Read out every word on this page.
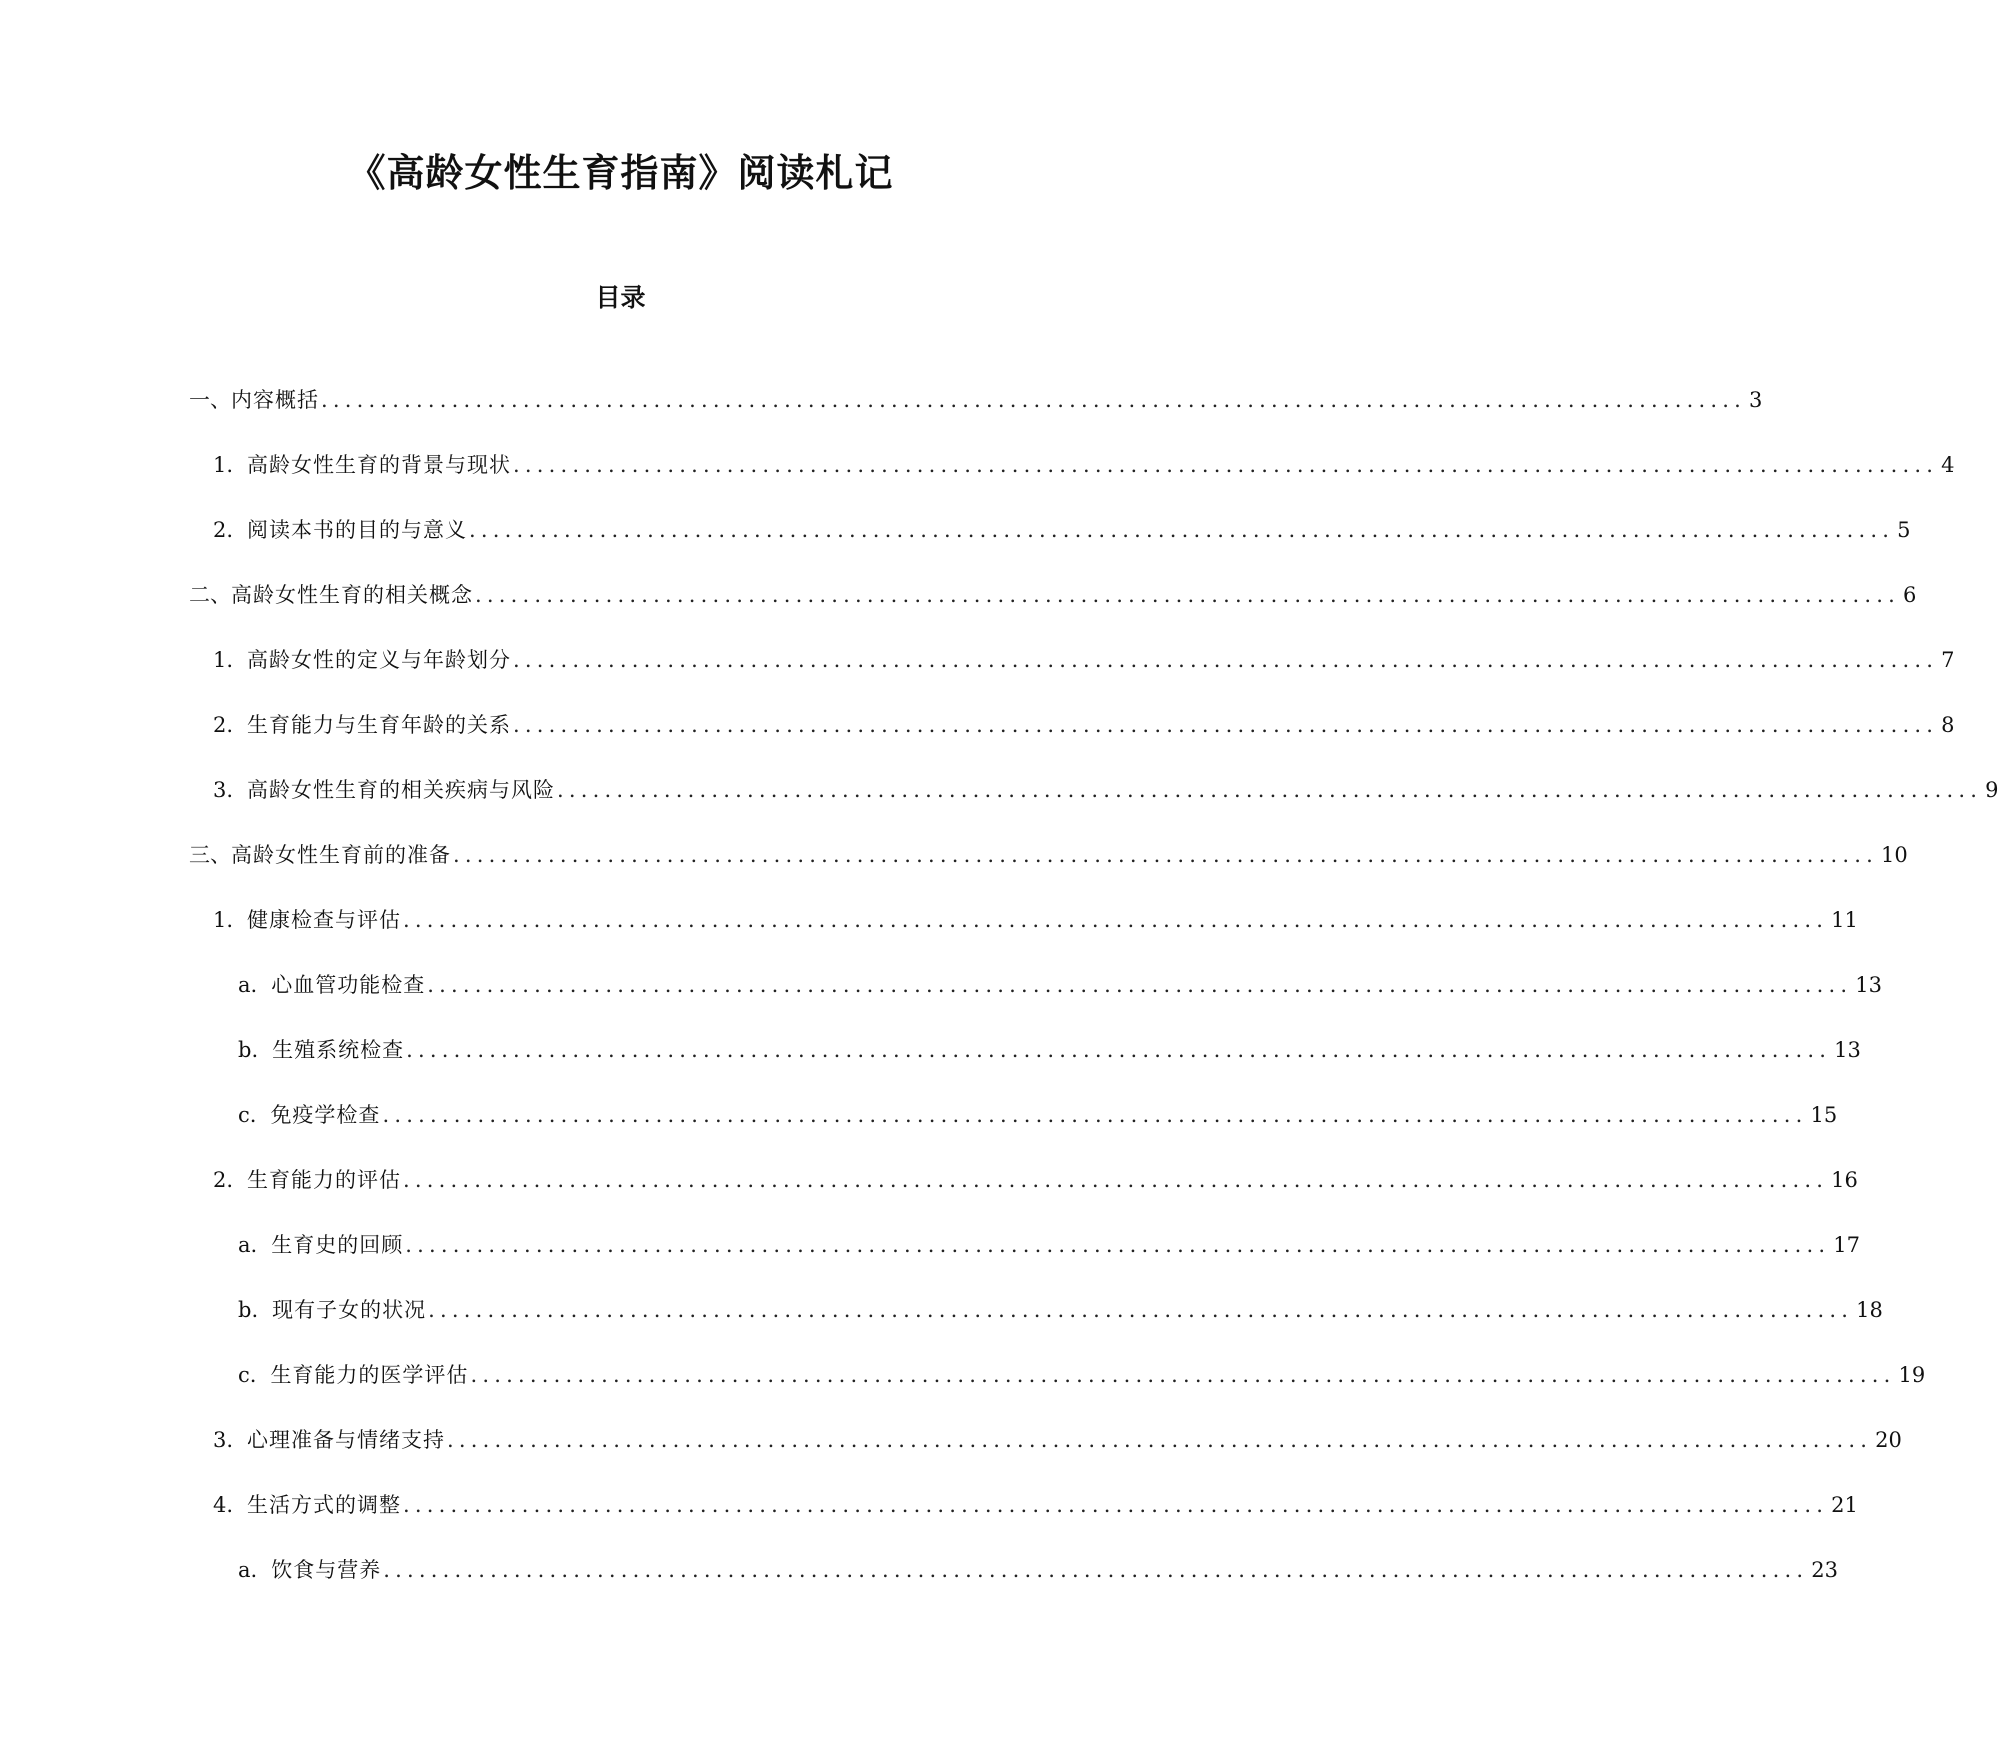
《高龄女性生育指南》阅读札记
目录
一、 内容概括 ........................................................................................................................ 3
1. 高龄女性生育的背景与现状 ........................................................................................................................ 4
2. 阅读本书的目的与意义 ........................................................................................................................ 5
二、 高龄女性生育的相关概念 ........................................................................................................................ 6
1. 高龄女性的定义与年龄划分 ........................................................................................................................ 7
2. 生育能力与生育年龄的关系 ........................................................................................................................ 8
3. 高龄女性生育的相关疾病与风险 ........................................................................................................................ 9
三、 高龄女性生育前的准备 ........................................................................................................................ 10
1. 健康检查与评估 ........................................................................................................................ 11
a. 心血管功能检查 ........................................................................................................................ 13
b. 生殖系统检查 ........................................................................................................................ 13
c. 免疫学检查 ........................................................................................................................ 15
2. 生育能力的评估 ........................................................................................................................ 16
a. 生育史的回顾 ........................................................................................................................ 17
b. 现有子女的状况 ........................................................................................................................ 18
c. 生育能力的医学评估 ........................................................................................................................ 19
3. 心理准备与情绪支持 ........................................................................................................................ 20
4. 生活方式的调整 ........................................................................................................................ 21
a. 饮食与营养 ........................................................................................................................ 23
